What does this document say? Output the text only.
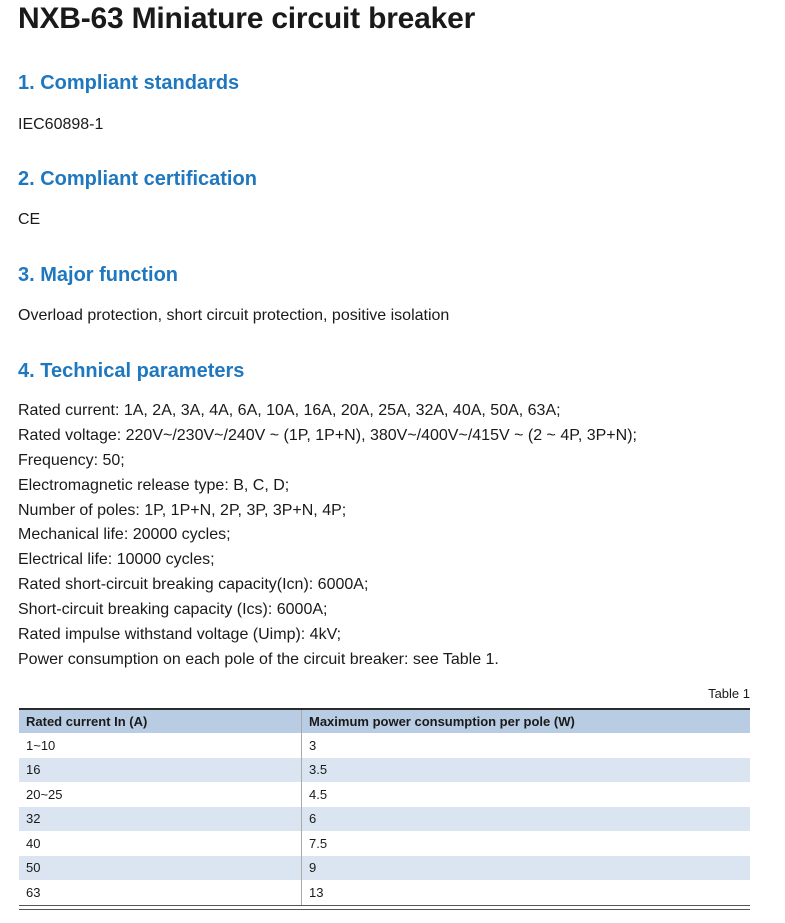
NXB-63 Miniature circuit breaker
1. Compliant standards

IEC60898-1

2. Compliant certification

CE

3. Major function

Overload protection, short circuit protection, positive isolation

4. Technical parameters
Rated current: 1A, 2A, 3A, 4A, 6A, 10A, 16A, 20A, 25A, 32A, 40A, 50A, 63A;
Rated voltage: 220V~/230V~/240V ~ (1P, 1P+N), 380V~/400V~/415V ~ (2 ~ 4P, 3P+N);
Frequency: 50;
Electromagnetic release type: B, C, D;
Number of poles: 1P, 1P+N, 2P, 3P, 3P+N, 4P;
Mechanical life: 20000 cycles;
Electrical life: 10000 cycles;
Rated short-circuit breaking capacity(Icn): 6000A;
Short-circuit breaking capacity (Ics): 6000A;
Rated impulse withstand voltage (Uimp): 4kV;
Power consumption on each pole of the circuit breaker: see Table 1.
Table 1
Rated current In (A)	Maximum power consumption per pole (W)
1~10	3
16	3.5
20~25	4.5
32	6
40	7.5
50	9
63	13
